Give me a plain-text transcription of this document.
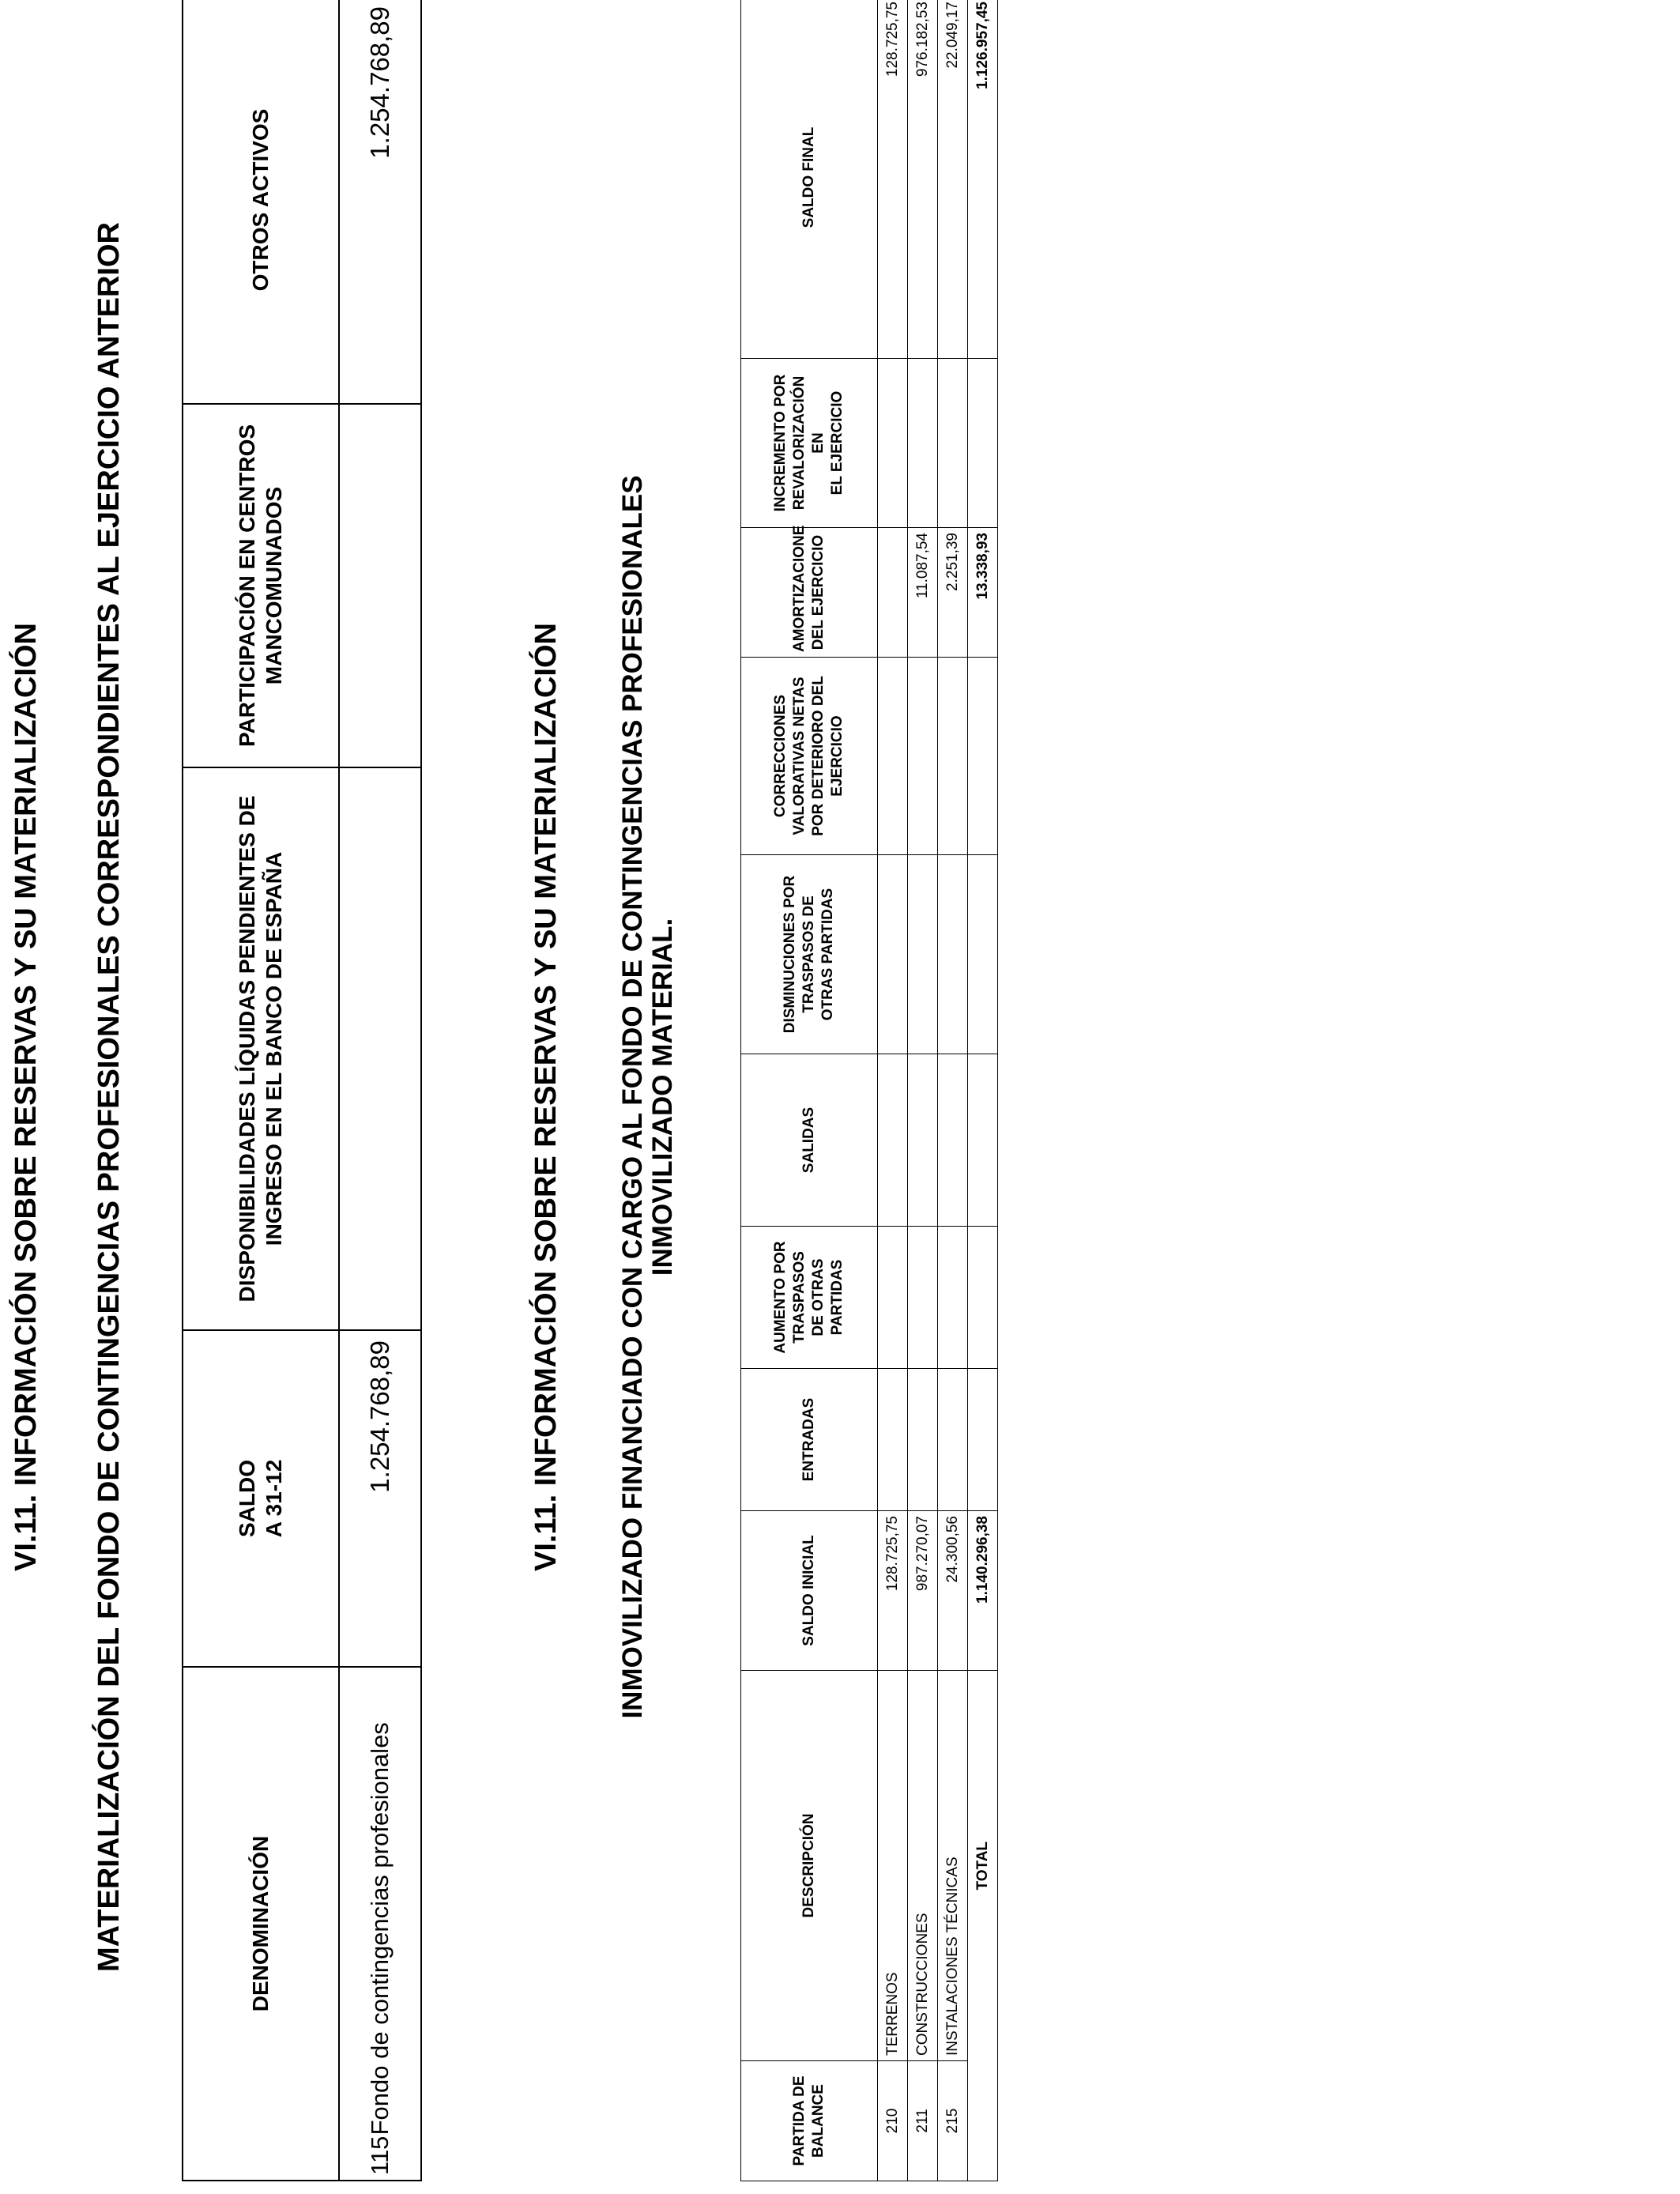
VI.11. INFORMACIÓN SOBRE RESERVAS Y SU MATERIALIZACIÓN MATERIALIZACIÓN DEL FONDO DE CONTINGENCIAS PROFESIONALES CORRESPONDIENTES AL EJERCICIO ANTERIOR	DENOMINACIÓN	SALDO A 31-12	DISPONIBILIDADES LÍQUIDAS PENDIENTES DE INGRESO EN EL BANCO DE ESPAÑA	PARTICIPACIÓN EN CENTROS MANCOMUNADOS	OTROS ACTIVOS
115 Fondo de contingencias profesionales	1.254.768,89			1.254.768,89
VI.11. INFORMACIÓN SOBRE RESERVAS Y SU MATERIALIZACIÓN INMOVILIZADO FINANCIADO CON CARGO AL FONDO DE CONTINGENCIAS PROFESIONALES
INMOVILIZADO MATERIAL.
PARTIDA DE BALANCE	DESCRIPCIÓN	SALDO INICIAL	ENTRADAS	AUMENTO POR TRASPASOS DE OTRAS PARTIDAS	SALIDAS	DISMINUCIONES POR TRASPASOS DE OTRAS PARTIDAS	CORRECCIONES VALORATIVAS NETAS POR DETERIORO DEL EJERCICIO	AMORTIZACIONE DEL EJERCICIO	INCREMENTO POR REVALORIZACIÓN EN EL EJERCICIO	SALDO FINAL
210	TERRENOS	128.725,75								128.725,75
211	CONSTRUCCIONES	987.270,07						11.087,54		976.182,53
215	INSTALACIONES TÉCNICAS	24.300,56						2.251,39		22.049,17
	TOTAL	1.140.296,38						13.338,93		1.126.957,45
